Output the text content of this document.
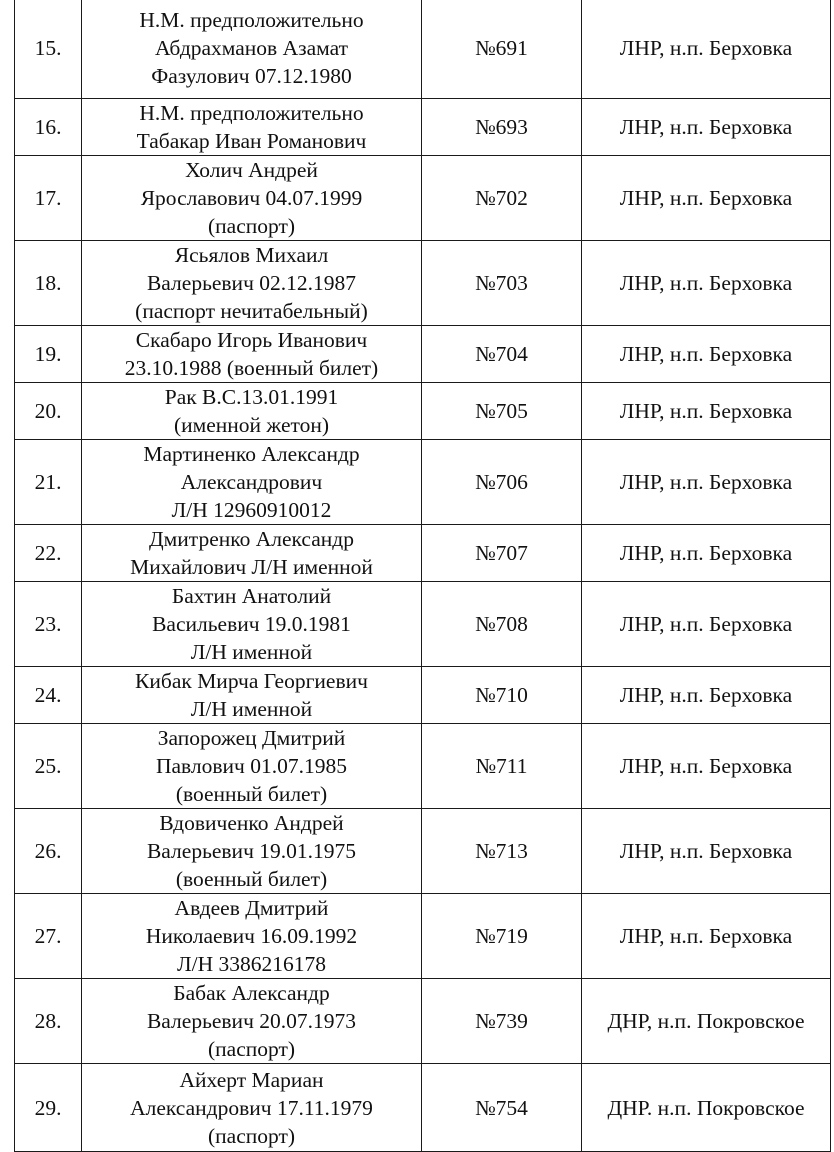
15.	Н.М. предположительно
Абдрахманов Азамат
Фазулович 07.12.1980	№691	ЛНР, н.п. Берховка
16.	Н.М. предположительно
Табакар Иван Романович	№693	ЛНР, н.п. Берховка
17.	Холич Андрей
Ярославович 04.07.1999
(паспорт)	№702	ЛНР, н.п. Берховка
18.	Ясьялов Михаил
Валерьевич 02.12.1987
(паспорт нечитабельный)	№703	ЛНР, н.п. Берховка
19.	Скабаро Игорь Иванович
23.10.1988 (военный билет)	№704	ЛНР, н.п. Берховка
20.	Рак В.С.13.01.1991
(именной жетон)	№705	ЛНР, н.п. Берховка
21.	Мартиненко Александр
Александрович
Л/Н 12960910012	№706	ЛНР, н.п. Берховка
22.	Дмитренко Александр
Михайлович Л/Н именной	№707	ЛНР, н.п. Берховка
23.	Бахтин Анатолий
Васильевич 19.0.1981
Л/Н именной	№708	ЛНР, н.п. Берховка
24.	Кибак Мирча Георгиевич
Л/Н именной	№710	ЛНР, н.п. Берховка
25.	Запорожец Дмитрий
Павлович 01.07.1985
(военный билет)	№711	ЛНР, н.п. Берховка
26.	Вдовиченко Андрей
Валерьевич 19.01.1975
(военный билет)	№713	ЛНР, н.п. Берховка
27.	Авдеев Дмитрий
Николаевич 16.09.1992
Л/Н 3386216178	№719	ЛНР, н.п. Берховка
28.	Бабак Александр
Валерьевич 20.07.1973
(паспорт)	№739	ДНР, н.п. Покровское
29.	Айхерт Мариан
Александрович 17.11.1979
(паспорт)	№754	ДНР. н.п. Покровское
